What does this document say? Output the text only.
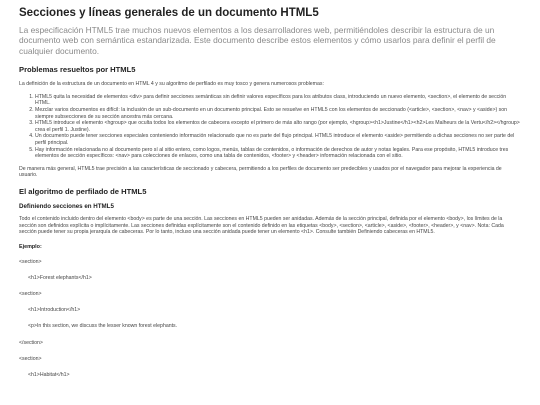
Secciones y líneas generales de un documento HTML5

La especificación HTML5 trae muchos nuevos elementos a los desarrolladores web, permitiéndoles describir la estructura de un documento web con semántica estandarizada. Este documento describe estos elementos y cómo usarlos para definir el perfil de cualquier documento.

Problemas resueltos por HTML5

La definición de la estructura de un documento en HTML 4 y su algoritmo de perfilado es muy tosco y genera numerosos problemas:

1. HTML5 quita la necesidad de elementos <div> para definir secciones semánticas sin definir valores específicos para los atributos class, introduciendo un nuevo elemento, <section>, el elemento de sección HTML.
2. Mezclar varios documentos es difícil: la inclusión de un sub-documento en un documento principal. Esto se resuelve en HTML5 con los elementos de seccionado (<article>, <section>, <nav> y <aside>) son siempre subsecciones de su sección ancestra más cercana.
3. HTML5 introduce el elemento <hgroup> que oculta todos los elementos de cabecera excepto el primero de más alto rango (por ejemplo, <hgroup><h1>Justine</h1><h2>Les Malheurs de la Vertu</h2></hgroup> crea el perfil 1. Justine).
4. Un documento puede tener secciones especiales conteniendo información relacionado que no es parte del flujo principal. HTML5 introduce el elemento <aside> permitiendo a dichas secciones no ser parte del perfil principal.
5. Hay información relacionada no al documento pero sí al sitio entero, como logos, menús, tablas de contenidos, o información de derechos de autor y notas legales. Para ese propósito, HTML5 introduce tres elementos de sección específicos: <nav> para colecciones de enlaces, como una tabla de contenidos, <footer> y <header> información relacionada con el sitio.

De manera más general, HTML5 trae precisión a las características de seccionado y cabecera, permitiendo a los perfiles de documento ser predecibles y usados por el navegador para mejorar la experiencia de usuario.

El algoritmo de perfilado de HTML5
Definiendo secciones en HTML5

Todo el contenido incluido dentro del elemento <body> es parte de una sección. Las secciones en HTML5 pueden ser anidadas. Además de la sección principal, definida por el elemento <body>, los límites de la sección son definidos explícita o implícitamente. Las secciones definidas explícitamente son el contenido definido en las etiquetas <body>, <section>, <article>, <aside>, <footer>, <header>, y <nav>. Nota: Cada sección puede tener su propia jerarquía de cabeceras. Por lo tanto, incluso una sección anidada puede tener un elemento <h1>. Consulte también Definiendo cabeceras en HTML5.

Ejemplo:
<section>
<h1>Forest elephants</h1>
<section>
<h1>Introduction</h1>
<p>In this section, we discuss the lesser known forest elephants.
</section>
<section>
<h1>Habitat</h1>
